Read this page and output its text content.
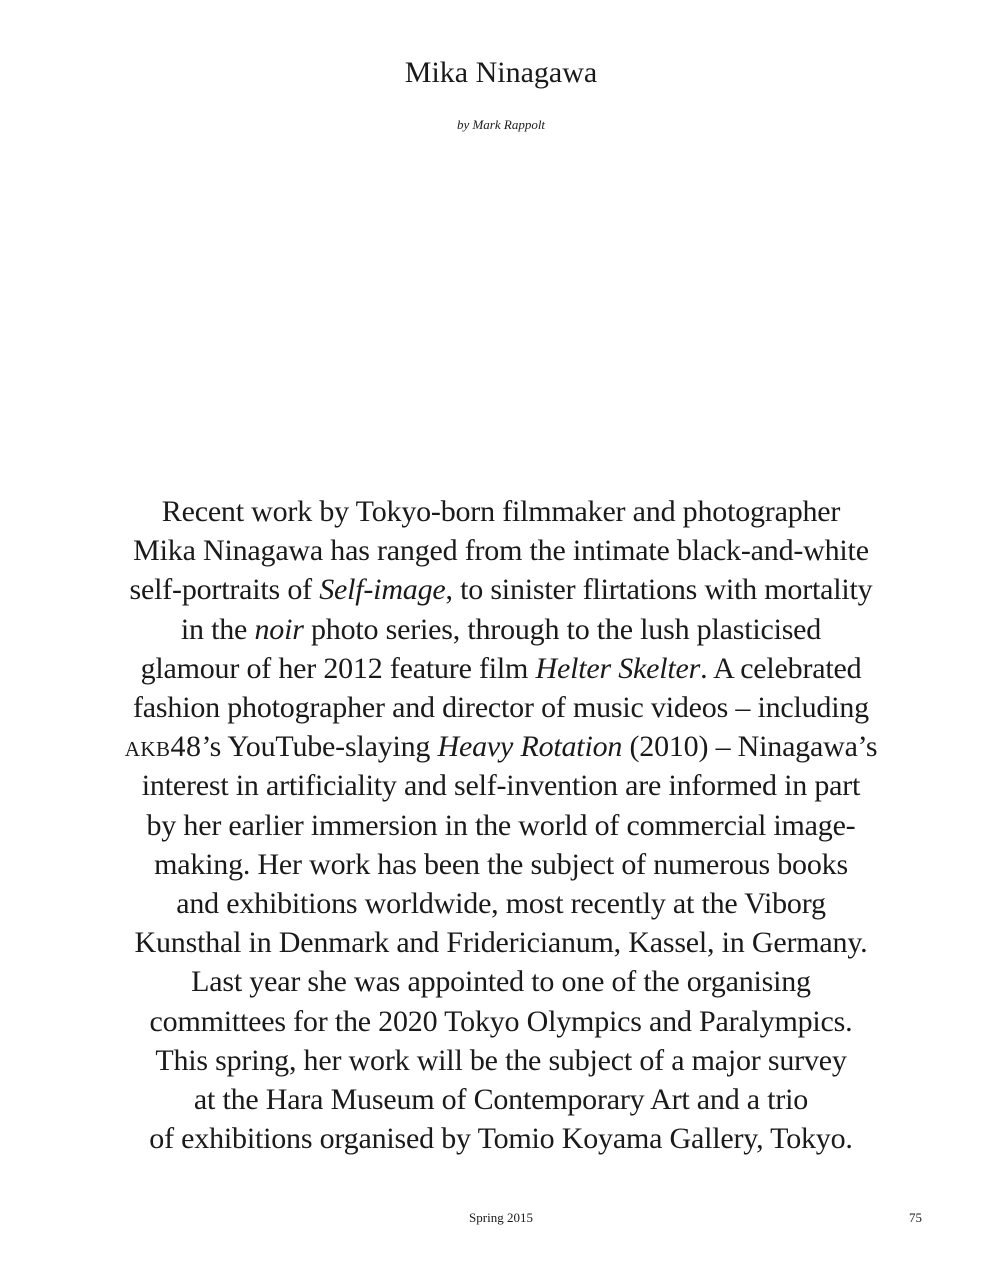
Mika Ninagawa
by Mark Rappolt

Recent work by Tokyo-born filmmaker and photographer
Mika Ninagawa has ranged from the intimate black-and-white
self-portraits of Self-image, to sinister flirtations with mortality
in the noir photo series, through to the lush plasticised
glamour of her 2012 feature film Helter Skelter. A celebrated
fashion photographer and director of music videos – including
akb48’s YouTube-slaying Heavy Rotation (2010) – Ninagawa’s
interest in artificiality and self-invention are informed in part
by her earlier immersion in the world of commercial image-
making. Her work has been the subject of numerous books
and exhibitions worldwide, most recently at the Viborg
Kunsthal in Denmark and Fridericianum, Kassel, in Germany.
Last year she was appointed to one of the organising
committees for the 2020 Tokyo Olympics and Paralympics.
This spring, her work will be the subject of a major survey
at the Hara Museum of Contemporary Art and a trio
of exhibitions organised by Tomio Koyama Gallery, Tokyo.

Spring 2015	75
